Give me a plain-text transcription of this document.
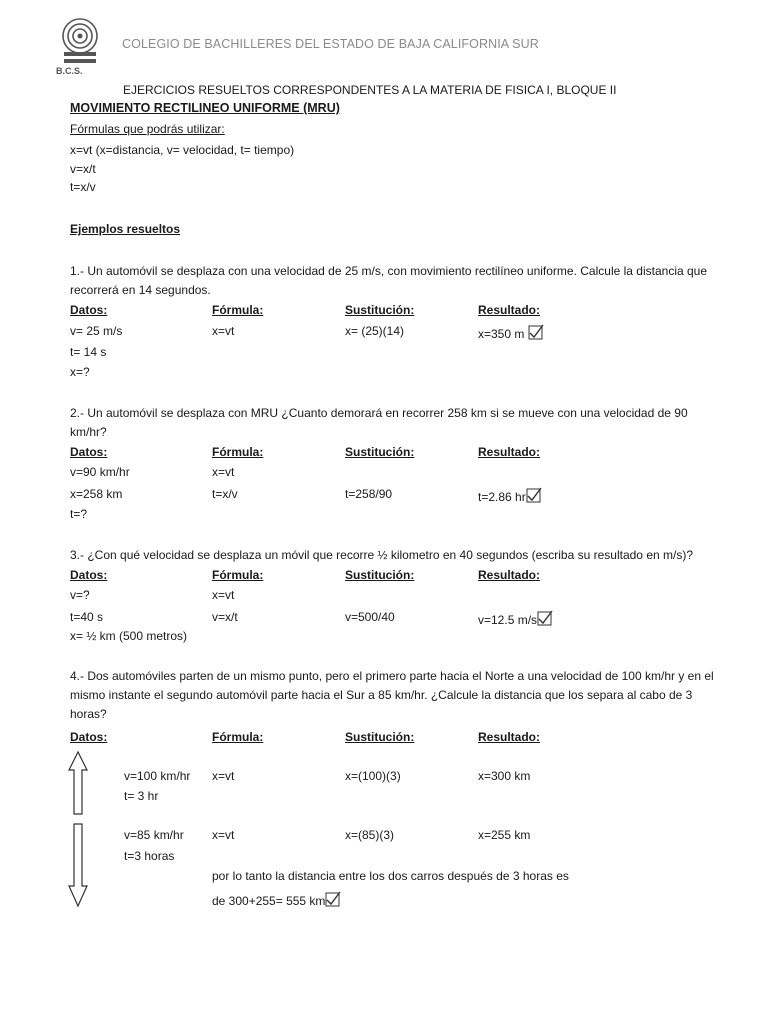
B.C.S.
COLEGIO DE BACHILLERES DEL ESTADO DE BAJA CALIFORNIA SUR
EJERCICIOS RESUELTOS CORRESPONDENTES A LA MATERIA DE FISICA I, BLOQUE II
MOVIMIENTO RECTILINEO UNIFORME (MRU)
Fórmulas que podrás utilizar:
x=vt (x=distancia, v= velocidad, t= tiempo)
v=x/t
t=x/v
Ejemplos resueltos
1.- Un automóvil se desplaza con una velocidad de 25 m/s, con movimiento rectilíneo uniforme. Calcule la distancia que recorrerá en 14 segundos.
Datos:	Fórmula:	Sustitución:	Resultado:
v= 25 m/s	x=vt	x= (25)(14)	x=350 m
t= 14 s
x=?
2.- Un automóvil se desplaza con MRU ¿Cuanto demorará en recorrer 258 km si se mueve con una velocidad de 90 km/hr?
Datos:	Fórmula:	Sustitución:	Resultado:
v=90 km/hr	x=vt
x=258 km	t=x/v	t=258/90	t=2.86 hr
t=?
3.- ¿Con qué velocidad se desplaza un móvil que recorre ½ kilometro en 40 segundos (escriba su resultado en m/s)?
Datos:	Fórmula:	Sustitución:	Resultado:
v=?	x=vt
t=40 s	v=x/t	v=500/40	v=12.5 m/s
x= ½ km (500 metros)
4.- Dos automóviles parten de un mismo punto, pero el primero parte hacia el Norte a una velocidad de 100 km/hr y en el mismo instante el segundo automóvil parte hacia el Sur a 85 km/hr. ¿Calcule la distancia que los separa al cabo de 3 horas?
Datos:	Fórmula:	Sustitución:	Resultado:
v=100 km/hr x=vt	x=(100)(3)	x=300 km
t= 3 hr
v=85 km/hr x=vt	x=(85)(3)	x=255 km
t=3 horas
por lo tanto la distancia entre los dos carros después de 3 horas es
de 300+255= 555 km
